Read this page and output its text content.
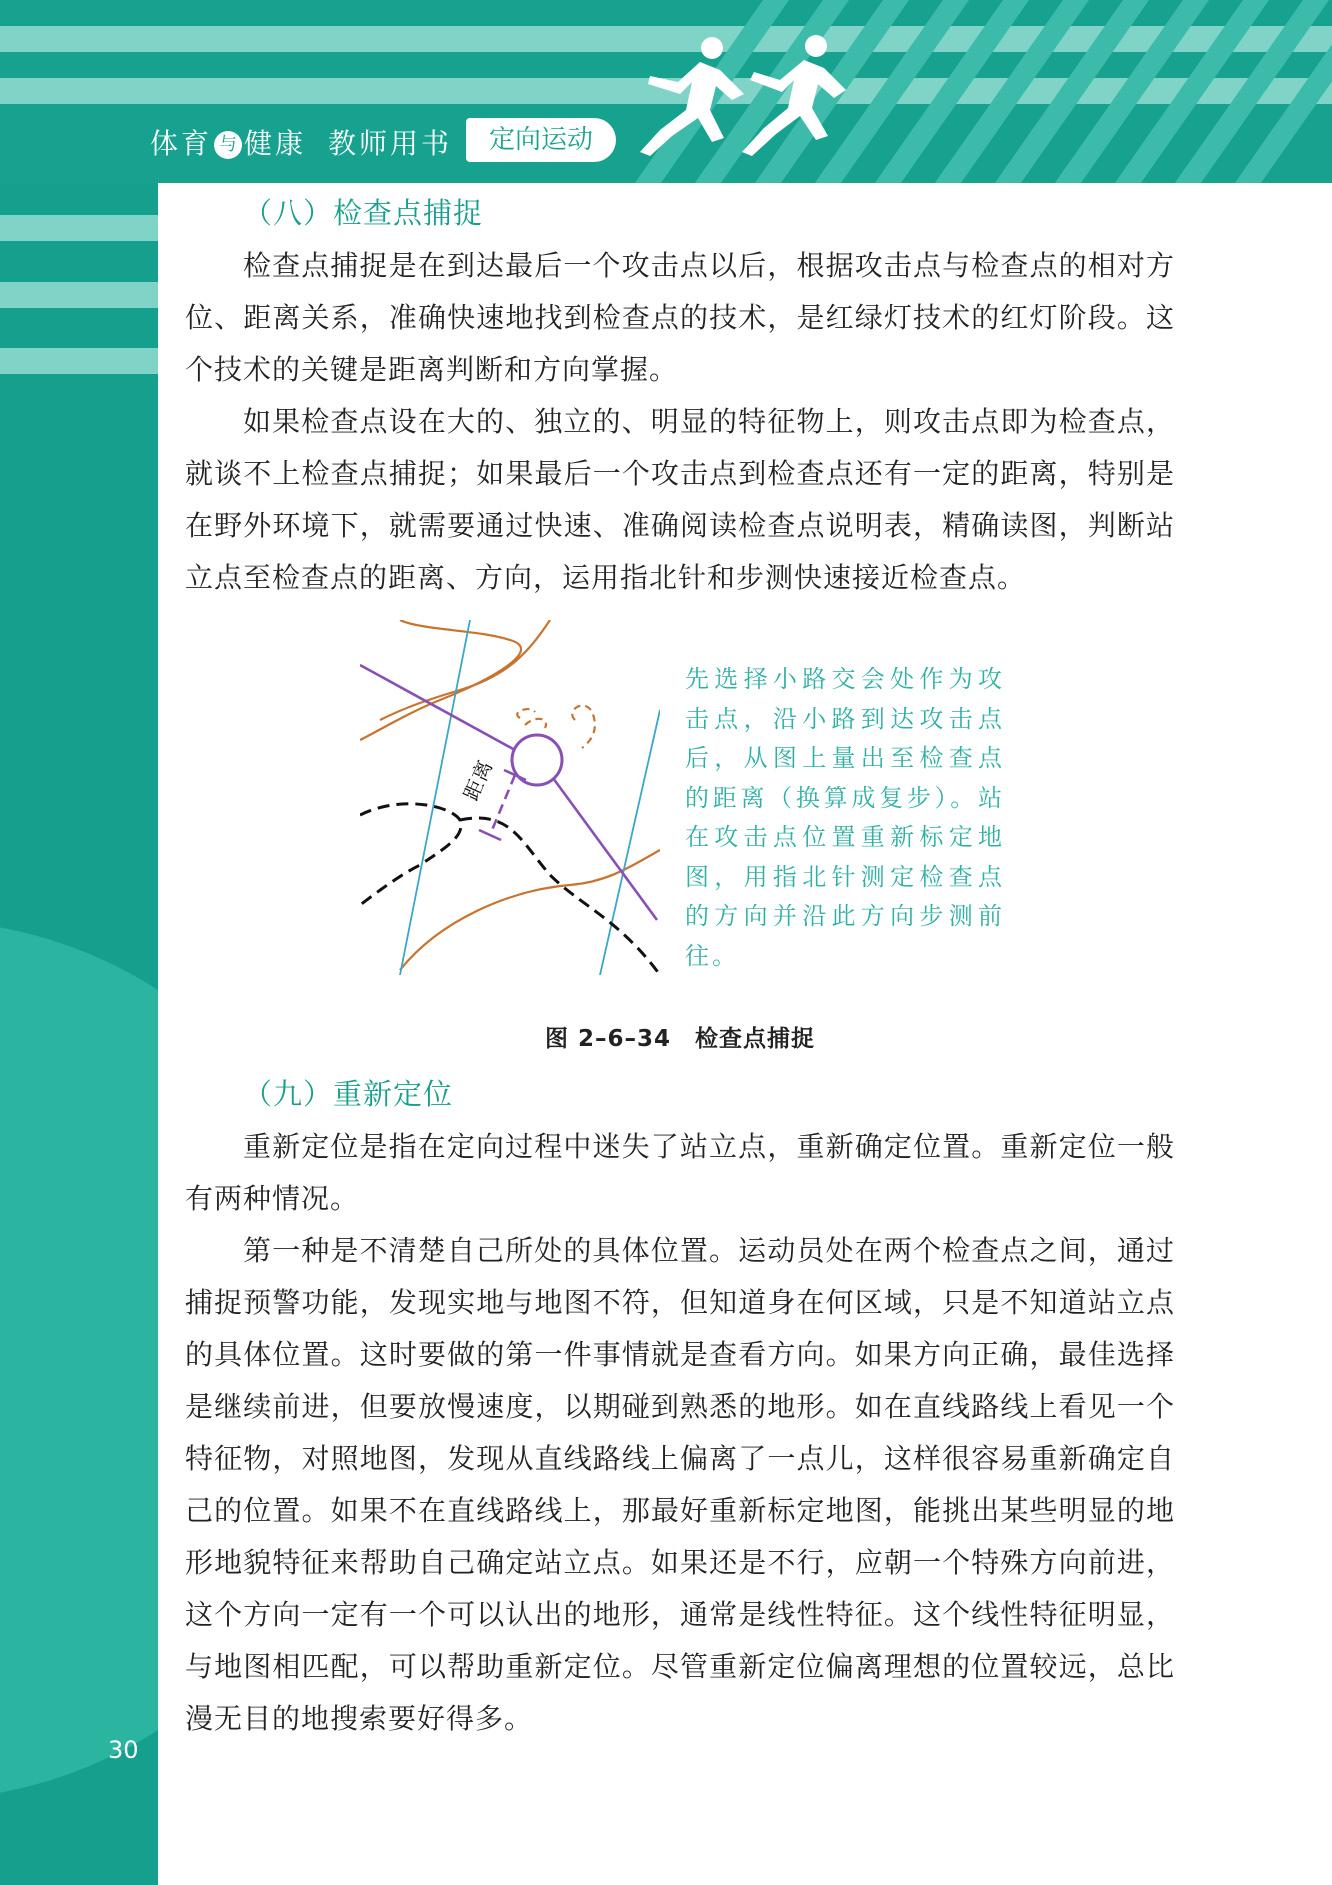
体育 与 健康 教师用书	定向运动
（八）检查点捕捉

检查点捕捉是在到达最后一个攻击点以后，根据攻击点与检查点的相对方位、距离关系，准确快速地找到检查点的技术，是红绿灯技术的红灯阶段。这个技术的关键是距离判断和方向掌握。

如果检查点设在大的、独立的、明显的特征物上，则攻击点即为检查点，就谈不上检查点捕捉；如果最后一个攻击点到检查点还有一定的距离，特别是在野外环境下，就需要通过快速、准确阅读检查点说明表，精确读图，判断站立点至检查点的距离、方向，运用指北针和步测快速接近检查点。

距离
先选择小路交会处作为攻击点，沿小路到达攻击点后，从图上量出至检查点的距离（换算成复步）。站在攻击点位置重新标定地图，用指北针测定检查点的方向并沿此方向步测前往。
图 2–6–34　检查点捕捉
（九）重新定位

重新定位是指在定向过程中迷失了站立点，重新确定位置。重新定位一般有两种情况。

第一种是不清楚自己所处的具体位置。运动员处在两个检查点之间，通过捕捉预警功能，发现实地与地图不符，但知道身在何区域，只是不知道站立点的具体位置。这时要做的第一件事情就是查看方向。如果方向正确，最佳选择是继续前进，但要放慢速度，以期碰到熟悉的地形。如在直线路线上看见一个特征物，对照地图，发现从直线路线上偏离了一点儿，这样很容易重新确定自己的位置。如果不在直线路线上，那最好重新标定地图，能挑出某些明显的地形地貌特征来帮助自己确定站立点。如果还是不行，应朝一个特殊方向前进，这个方向一定有一个可以认出的地形，通常是线性特征。这个线性特征明显，与地图相匹配，可以帮助重新定位。尽管重新定位偏离理想的位置较远，总比漫无目的地搜索要好得多。

30
